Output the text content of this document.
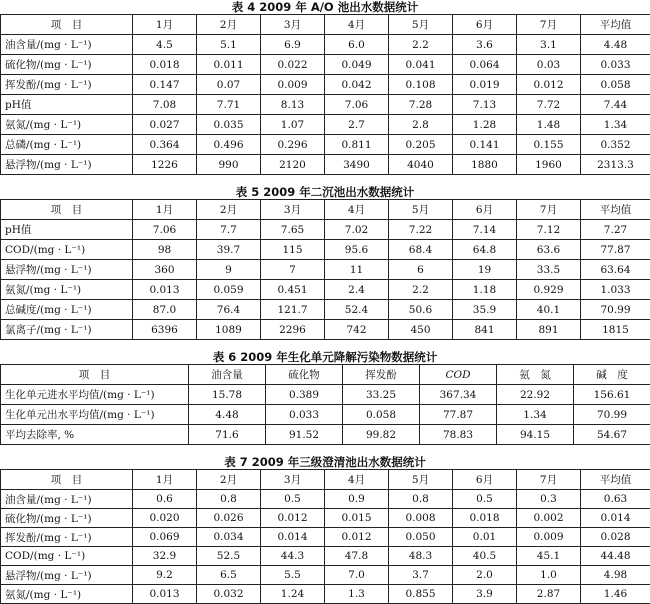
表 4 2009 年 A/O 池出水数据统计

项　目	1月	2月	3月	4月	5月	6月	7月	平均值
油含量/(mg · L⁻¹)	4.5	5.1	6.9	6.0	2.2	3.6	3.1	4.48
硫化物/(mg · L⁻¹)	0.018	0.011	0.022	0.049	0.041	0.064	0.03	0.033
挥发酚/(mg · L⁻¹)	0.147	0.07	0.009	0.042	0.108	0.019	0.012	0.058
pH值	7.08	7.71	8.13	7.06	7.28	7.13	7.72	7.44
氨氮/(mg · L⁻¹)	0.027	0.035	1.07	2.7	2.8	1.28	1.48	1.34
总磷/(mg · L⁻¹)	0.364	0.496	0.296	0.811	0.205	0.141	0.155	0.352
悬浮物/(mg · L⁻¹)	1226	990	2120	3490	4040	1880	1960	2313.3

表 5 2009 年二沉池出水数据统计

项　目	1月	2月	3月	4月	5月	6月	7月	平均值
pH值	7.06	7.7	7.65	7.02	7.22	7.14	7.12	7.27
COD/(mg · L⁻¹)	98	39.7	115	95.6	68.4	64.8	63.6	77.87
悬浮物/(mg · L⁻¹)	360	9	7	11	6	19	33.5	63.64
氨氮/(mg · L⁻¹)	0.013	0.059	0.451	2.4	2.2	1.18	0.929	1.033
总碱度/(mg · L⁻¹)	87.0	76.4	121.7	52.4	50.6	35.9	40.1	70.99
氯离子/(mg · L⁻¹)	6396	1089	2296	742	450	841	891	1815

表 6 2009 年生化单元降解污染物数据统计

项　目	油含量	硫化物	挥发酚	COD	氨　氮	碱　度
生化单元进水平均值/(mg · L⁻¹)	15.78	0.389	33.25	367.34	22.92	156.61
生化单元出水平均值/(mg · L⁻¹)	4.48	0.033	0.058	77.87	1.34	70.99
平均去除率, %	71.6	91.52	99.82	78.83	94.15	54.67

表 7 2009 年三级澄清池出水数据统计

项　目	1月	2月	3月	4月	5月	6月	7月	平均值
油含量/(mg · L⁻¹)	0.6	0.8	0.5	0.9	0.8	0.5	0.3	0.63
硫化物/(mg · L⁻¹)	0.020	0.026	0.012	0.015	0.008	0.018	0.002	0.014
挥发酚/(mg · L⁻¹)	0.069	0.034	0.014	0.012	0.050	0.01	0.009	0.028
COD/(mg · L⁻¹)	32.9	52.5	44.3	47.8	48.3	40.5	45.1	44.48
悬浮物/(mg · L⁻¹)	9.2	6.5	5.5	7.0	3.7	2.0	1.0	4.98
氨氮/(mg · L⁻¹)	0.013	0.032	1.24	1.3	0.855	3.9	2.87	1.46
